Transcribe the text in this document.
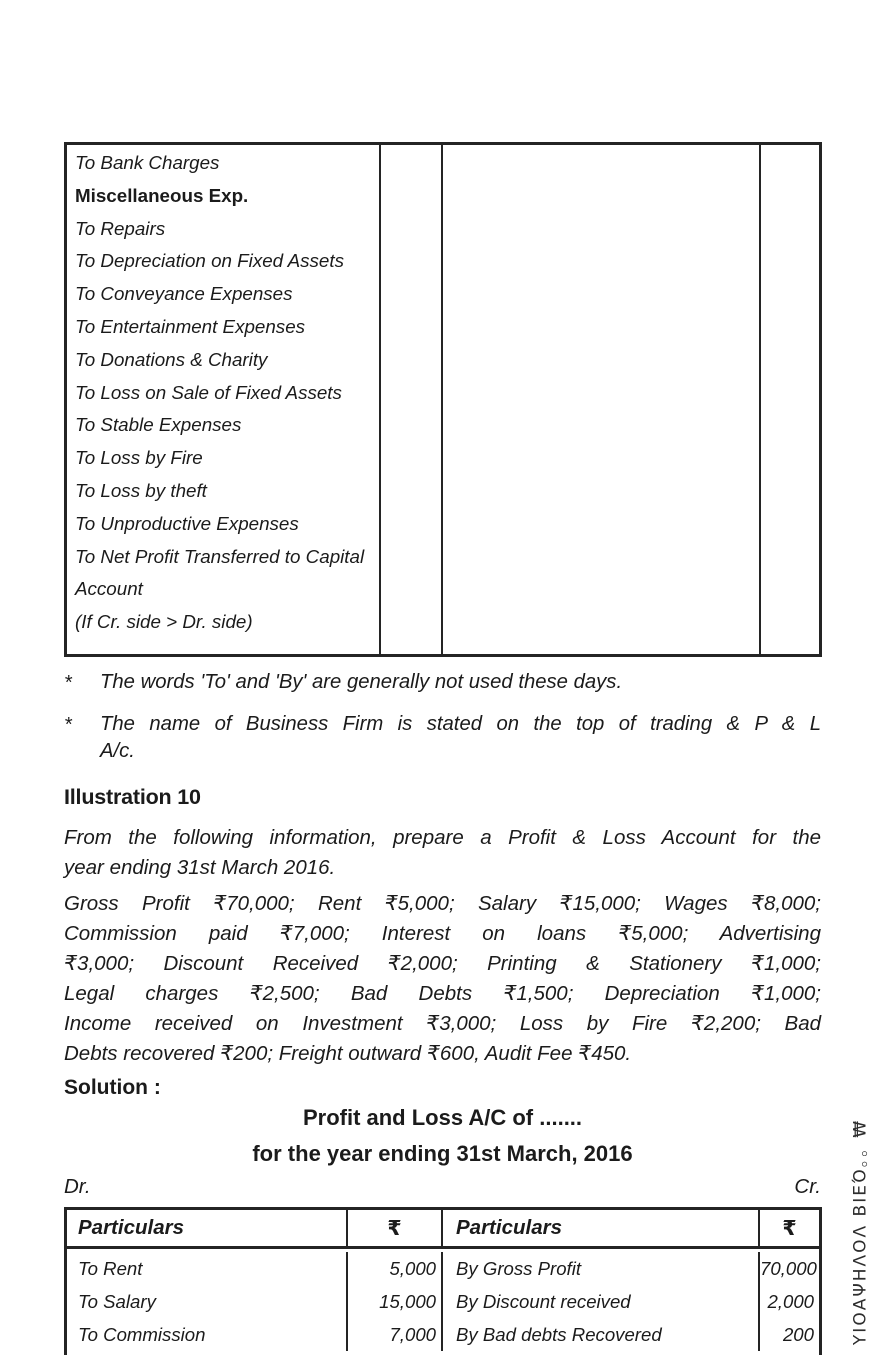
To Bank Charges
Miscellaneous Exp.
To Repairs
To Depreciation on Fixed Assets
To Conveyance Expenses
To Entertainment Expenses
To Donations & Charity
To Loss on Sale of Fixed Assets
To Stable Expenses
To Loss by Fire
To Loss by theft
To Unproductive Expenses
To Net Profit Transferred to Capital
Account
(If Cr. side > Dr. side)
*	The words 'To' and 'By' are generally not used these days.
*	The name of Business Firm is stated on the top of trading & P & L
A/c.
Illustration 10
From the following information, prepare a Profit & Loss Account for the
year ending 31st March 2016.
Gross Profit ₹70,000; Rent ₹5,000; Salary ₹15,000; Wages ₹8,000;
Commission paid ₹7,000; Interest on loans ₹5,000; Advertising
₹3,000; Discount Received ₹2,000; Printing & Stationery ₹1,000;
Legal charges ₹2,500; Bad Debts ₹1,500; Depreciation ₹1,000;
Income received on Investment ₹3,000; Loss by Fire ₹2,200; Bad
Debts recovered ₹200; Freight outward ₹600, Audit Fee ₹450.
Solution :
Profit and Loss A/C of .......
for the year ending 31st March, 2016
Dr.	Cr.
Particulars	₹	Particulars	₹
To Rent	5,000	By Gross Profit	70,000
To Salary	15,000	By Discount received	2,000
To Commission	7,000	By Bad debts Recovered	200 ΥΙΟΑΨΗΛΟΛ ΒΙΕΌ。。₩
